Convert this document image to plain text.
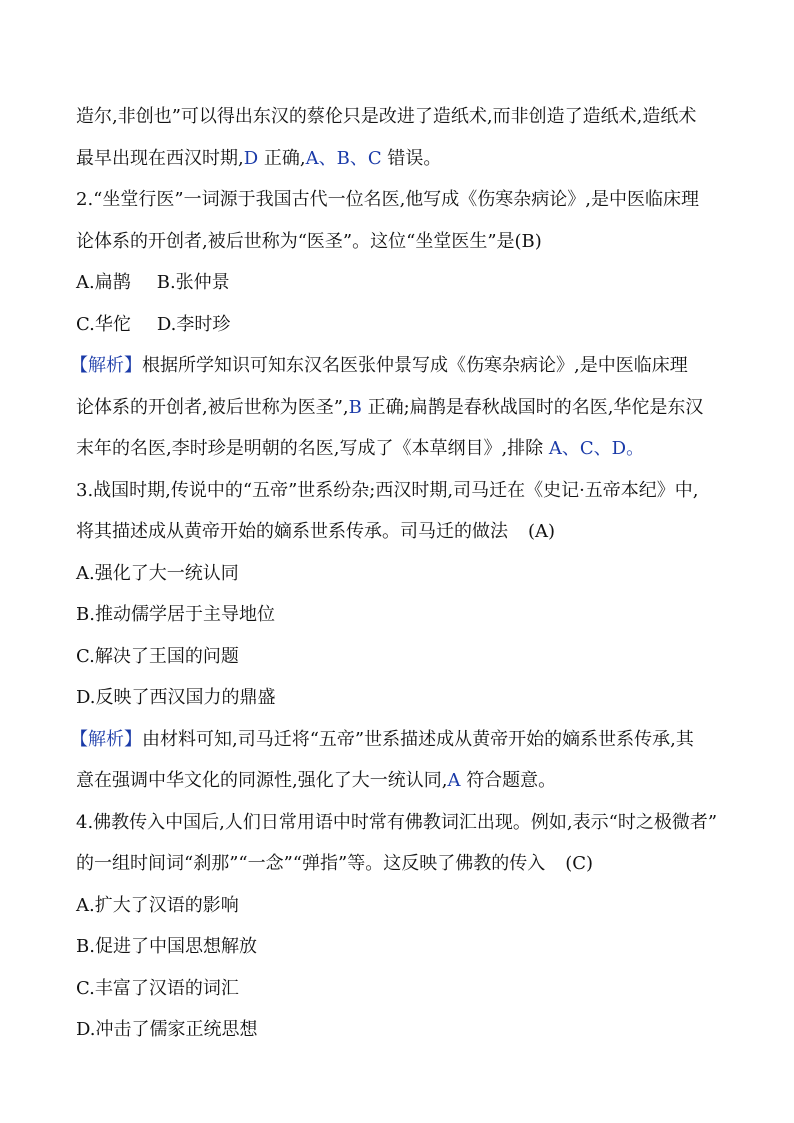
造尔,非创也”可以得出东汉的蔡伦只是改进了造纸术,而非创造了造纸术,造纸术
最早出现在西汉时期,D 正确,A、B、C 错误。
2.“坐堂行医”一词源于我国古代一位名医,他写成《伤寒杂病论》,是中医临床理
论体系的开创者,被后世称为“医圣”。这位“坐堂医生”是(B)
A.扁鹊 B.张仲景
C.华佗 D.李时珍
【解析】根据所学知识可知东汉名医张仲景写成《伤寒杂病论》,是中医临床理
论体系的开创者,被后世称为医圣”,B 正确;扁鹊是春秋战国时的名医,华佗是东汉
末年的名医,李时珍是明朝的名医,写成了《本草纲目》,排除 A、C、D。
3.战国时期,传说中的“五帝”世系纷杂;西汉时期,司马迁在《史记·五帝本纪》中,
将其描述成从黄帝开始的嫡系世系传承。司马迁的做法 (A)
A.强化了大一统认同
B.推动儒学居于主导地位
C.解决了王国的问题
D.反映了西汉国力的鼎盛
【解析】由材料可知,司马迁将“五帝”世系描述成从黄帝开始的嫡系世系传承,其
意在强调中华文化的同源性,强化了大一统认同,A 符合题意。
4.佛教传入中国后,人们日常用语中时常有佛教词汇出现。例如,表示“时之极微者”
的一组时间词“刹那”“一念”“弹指”等。这反映了佛教的传入 (C)
A.扩大了汉语的影响
B.促进了中国思想解放
C.丰富了汉语的词汇
D.冲击了儒家正统思想
